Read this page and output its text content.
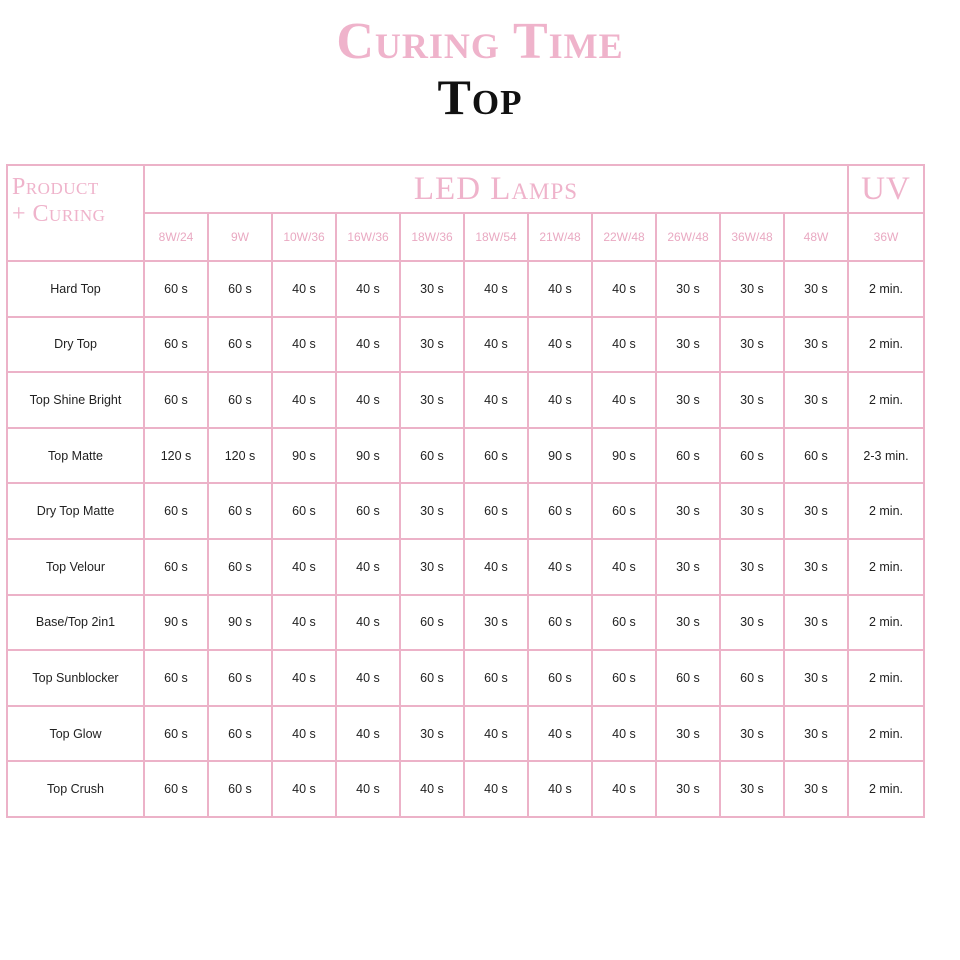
Curing Time
Top
Product
+ Curing	LED Lamps											UV
	8W/24	9W	10W/36	16W/36	18W/36	18W/54	21W/48	22W/48	26W/48	36W/48	48W	36W
Hard Top	60 s	60 s	40 s	40 s	30 s	40 s	40 s	40 s	30 s	30 s	30 s	2 min.
Dry Top	60 s	60 s	40 s	40 s	30 s	40 s	40 s	40 s	30 s	30 s	30 s	2 min.
Top Shine Bright	60 s	60 s	40 s	40 s	30 s	40 s	40 s	40 s	30 s	30 s	30 s	2 min.
Top Matte	120 s	120 s	90 s	90 s	60 s	60 s	90 s	90 s	60 s	60 s	60 s	2-3 min.
Dry Top Matte	60 s	60 s	60 s	60 s	30 s	60 s	60 s	60 s	30 s	30 s	30 s	2 min.
Top Velour	60 s	60 s	40 s	40 s	30 s	40 s	40 s	40 s	30 s	30 s	30 s	2 min.
Base/Top 2in1	90 s	90 s	40 s	40 s	60 s	30 s	60 s	60 s	30 s	30 s	30 s	2 min.
Top Sunblocker	60 s	60 s	40 s	40 s	60 s	60 s	60 s	60 s	60 s	60 s	30 s	2 min.
Top Glow	60 s	60 s	40 s	40 s	30 s	40 s	40 s	40 s	30 s	30 s	30 s	2 min.
Top Crush	60 s	60 s	40 s	40 s	40 s	40 s	40 s	40 s	30 s	30 s	30 s	2 min.
